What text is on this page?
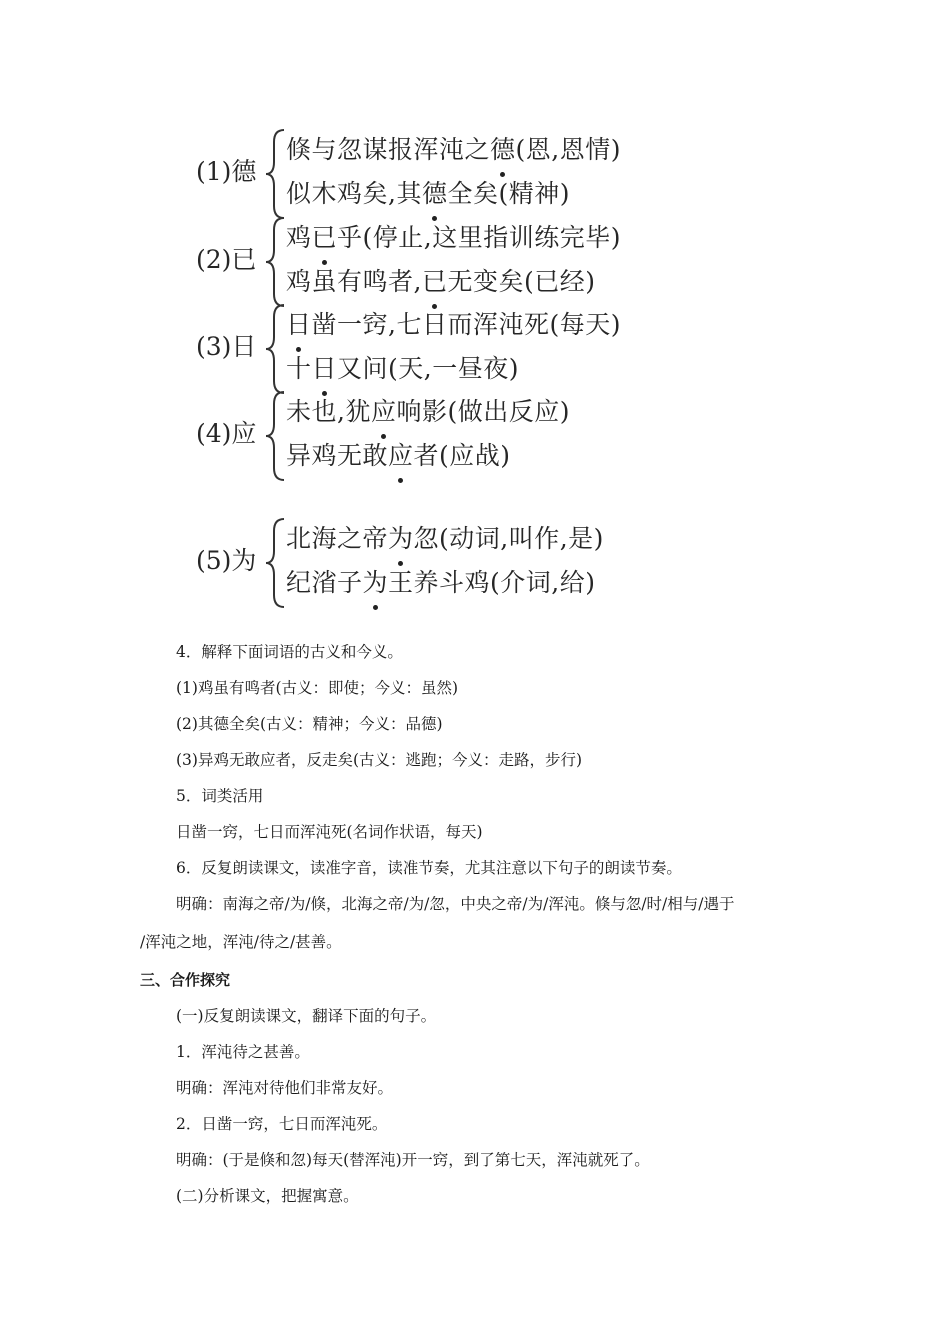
(1)德
倏与忽谋报浑沌之德(恩,恩情)
似木鸡矣,其德全矣(精神)
(2)已
鸡已乎(停止,这里指训练完毕)
鸡虽有鸣者,已无变矣(已经)
(3)日
日凿一窍,七日而浑沌死(每天)
十日又问(天,一昼夜)
(4)应
未也,犹应响影(做出反应)
异鸡无敢应者(应战)
(5)为
北海之帝为忽(动词,叫作,是)
纪渻子为王养斗鸡(介词,给)
4．解释下面词语的古义和今义。
(1)鸡虽有鸣者(古义：即使；今义：虽然)
(2)其德全矣(古义：精神；今义：品德)
(3)异鸡无敢应者，反走矣(古义：逃跑；今义：走路，步行)
5．词类活用
日凿一窍，七日而浑沌死(名词作状语，每天)
6．反复朗读课文，读准字音，读准节奏，尤其注意以下句子的朗读节奏。
明确：南海之帝/为/倏，北海之帝/为/忽，中央之帝/为/浑沌。倏与忽/时/相与/遇于
/浑沌之地，浑沌/待之/甚善。
三、合作探究
(一)反复朗读课文，翻译下面的句子。
1．浑沌待之甚善。
明确：浑沌对待他们非常友好。
2．日凿一窍，七日而浑沌死。
明确：(于是倏和忽)每天(替浑沌)开一窍，到了第七天，浑沌就死了。
(二)分析课文，把握寓意。
